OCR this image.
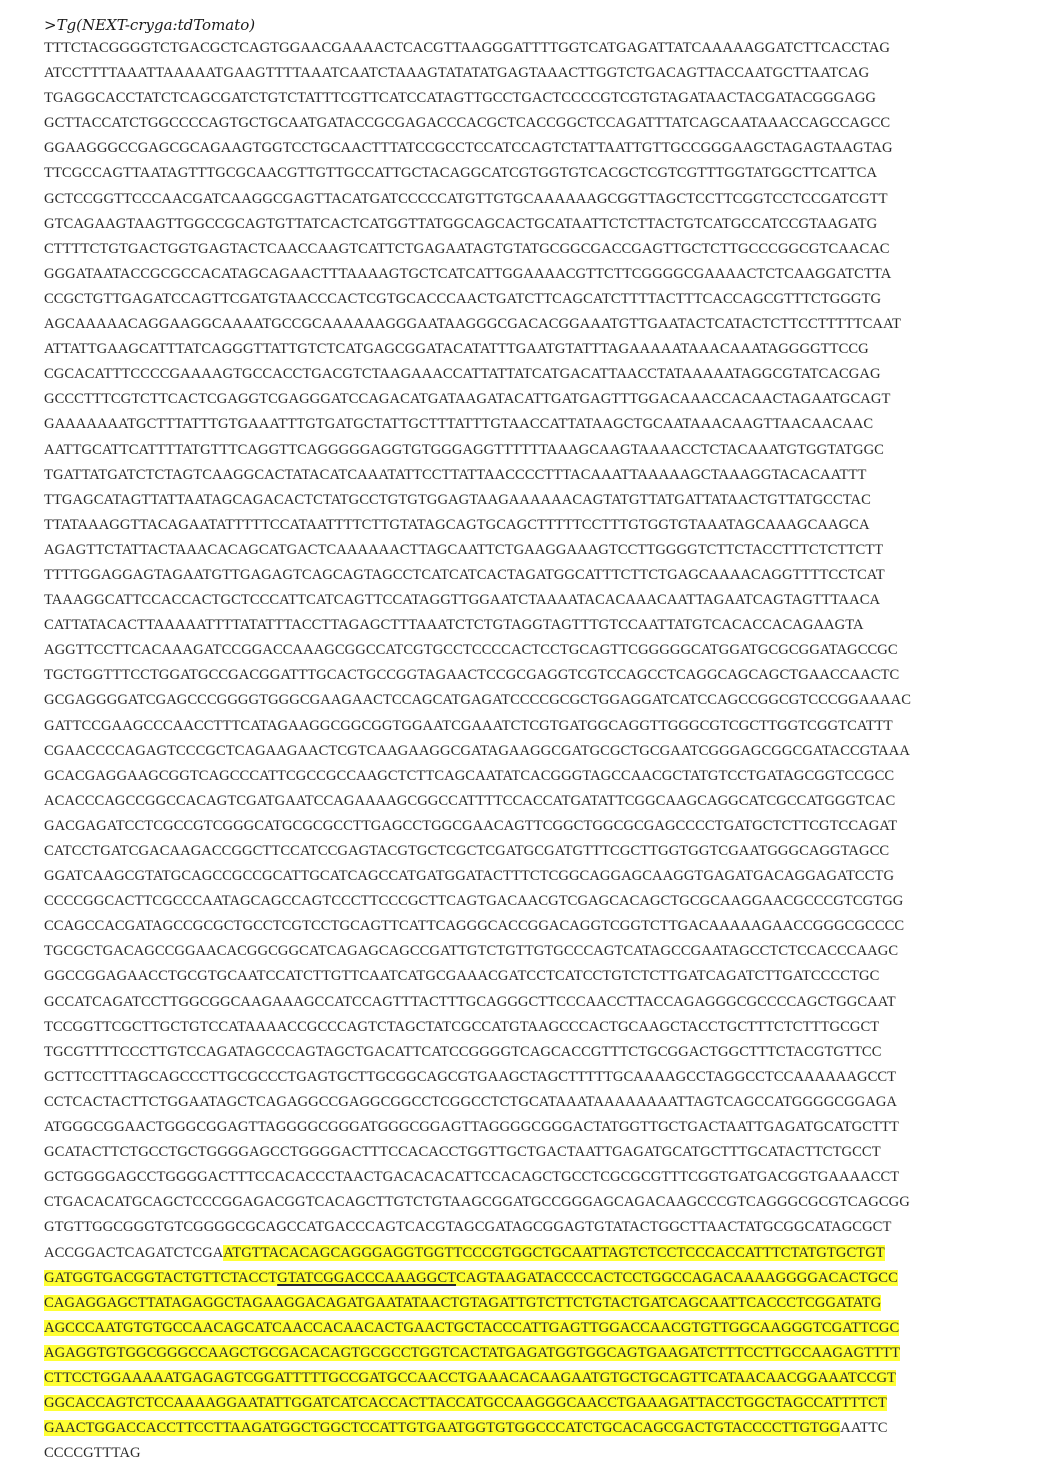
>Tg(NEXT-cryga:tdTomato)
TTTCTACGGGGTCTGACGCTCAGTGGAACGAAAACTCACGTTAAGGGATTTTGGTCATGAGATTATCAAAAAGGATCTTCACCTAG
ATCCTTTTAAATTAAAAATGAAGTTTTAAATCAATCTAAAGTATATATGAGTAAACTTGGTCTGACAGTTACCAATGCTTAATCAG
TGAGGCACCTATCTCAGCGATCTGTCTATTTCGTTCATCCATAGTTGCCTGACTCCCCGTCGTGTAGATAACTACGATACGGGAGG
GCTTACCATCTGGCCCCAGTGCTGCAATGATACCGCGAGACCCACGCTCACCGGCTCCAGATTTATCAGCAATAAACCAGCCAGCC
GGAAGGGCCGAGCGCAGAAGTGGTCCTGCAACTTTATCCGCCTCCATCCAGTCTATTAATTGTTGCCGGGAAGCTAGAGTAAGTAG
TTCGCCAGTTAATAGTTTGCGCAACGTTGTTGCCATTGCTACAGGCATCGTGGTGTCACGCTCGTCGTTTGGTATGGCTTCATTCA
GCTCCGGTTCCCAACGATCAAGGCGAGTTACATGATCCCCCATGTTGTGCAAAAAAGCGGTTAGCTCCTTCGGTCCTCCGATCGTT
GTCAGAAGTAAGTTGGCCGCAGTGTTATCACTCATGGTTATGGCAGCACTGCATAATTCTCTTACTGTCATGCCATCCGTAAGATG
CTTTTCTGTGACTGGTGAGTACTCAACCAAGTCATTCTGAGAATAGTGTATGCGGCGACCGAGTTGCTCTTGCCCGGCGTCAACAC
GGGATAATACCGCGCCACATAGCAGAACTTTAAAAGTGCTCATCATTGGAAAACGTTCTTCGGGGCGAAAACTCTCAAGGATCTTA
CCGCTGTTGAGATCCAGTTCGATGTAACCCACTCGTGCACCCAACTGATCTTCAGCATCTTTTACTTTCACCAGCGTTTCTGGGTG
AGCAAAAACAGGAAGGCAAAATGCCGCAAAAAAGGGAATAAGGGCGACACGGAAATGTTGAATACTCATACTCTTCCTTTTTCAAT
ATTATTGAAGCATTTATCAGGGTTATTGTCTCATGAGCGGATACATATTTGAATGTATTTAGAAAAATAAACAAATAGGGGTTCCG
CGCACATTTCCCCGAAAAGTGCCACCTGACGTCTAAGAAACCATTATTATCATGACATTAACCTATAAAAATAGGCGTATCACGAG
GCCCTTTCGTCTTCACTCGAGGTCGAGGGATCCAGACATGATAAGATACATTGATGAGTTTGGACAAACCACAACTAGAATGCAGT
GAAAAAAATGCTTTATTTGTGAAATTTGTGATGCTATTGCTTTATTTGTAACCATTATAAGCTGCAATAAACAAGTTAACAACAAC
AATTGCATTCATTTTATGTTTCAGGTTCAGGGGGAGGTGTGGGAGGTTTTTTAAAGCAAGTAAAACCTCTACAAATGTGGTATGGC
TGATTATGATCTCTAGTCAAGGCACTATACATCAAATATTCCTTATTAACCCCTTTACAAATTAAAAAGCTAAAGGTACACAATTT
TTGAGCATAGTTATTAATAGCAGACACTCTATGCCTGTGTGGAGTAAGAAAAAACAGTATGTTATGATTATAACTGTTATGCCTAC
TTATAAAGGTTACAGAATATTTTTCCATAATTTTCTTGTATAGCAGTGCAGCTTTTTCCTTTGTGGTGTAAATAGCAAAGCAAGCA
AGAGTTCTATTACTAAACACAGCATGACTCAAAAAACTTAGCAATTCTGAAGGAAAGTCCTTGGGGTCTTCTACCTTTCTCTTCTT
TTTTGGAGGAGTAGAATGTTGAGAGTCAGCAGTAGCCTCATCATCACTAGATGGCATTTCTTCTGAGCAAAACAGGTTTTCCTCAT
TAAAGGCATTCCACCACTGCTCCCATTCATCAGTTCCATAGGTTGGAATCTAAAATACACAAACAATTAGAATCAGTAGTTTAACA
CATTATACACTTAAAAATTTTATATTTACCTTAGAGCTTTAAATCTCTGTAGGTAGTTTGTCCAATTATGTCACACCACAGAAGTA
AGGTTCCTTCACAAAGATCCGGACCAAAGCGGCCATCGTGCCTCCCCACTCCTGCAGTTCGGGGGCATGGATGCGCGGATAGCCGC
TGCTGGTTTCCTGGATGCCGACGGATTTGCACTGCCGGTAGAACTCCGCGAGGTCGTCCAGCCTCAGGCAGCAGCTGAACCAACTC
GCGAGGGGATCGAGCCCGGGGTGGGCGAAGAACTCCAGCATGAGATCCCCGCGCTGGAGGATCATCCAGCCGGCGTCCCGGAAAAC
GATTCCGAAGCCCAACCTTTCATAGAAGGCGGCGGTGGAATCGAAATCTCGTGATGGCAGGTTGGGCGTCGCTTGGTCGGTCATTT
CGAACCCCAGAGTCCCGCTCAGAAGAACTCGTCAAGAAGGCGATAGAAGGCGATGCGCTGCGAATCGGGAGCGGCGATACCGTAAA
GCACGAGGAAGCGGTCAGCCCATTCGCCGCCAAGCTCTTCAGCAATATCACGGGTAGCCAACGCTATGTCCTGATAGCGGTCCGCC
ACACCCAGCCGGCCACAGTCGATGAATCCAGAAAAGCGGCCATTTTCCACCATGATATTCGGCAAGCAGGCATCGCCATGGGTCAC
GACGAGATCCTCGCCGTCGGGCATGCGCGCCTTGAGCCTGGCGAACAGTTCGGCTGGCGCGAGCCCCTGATGCTCTTCGTCCAGAT
CATCCTGATCGACAAGACCGGCTTCCATCCGAGTACGTGCTCGCTCGATGCGATGTTTCGCTTGGTGGTCGAATGGGCAGGTAGCC
GGATCAAGCGTATGCAGCCGCCGCATTGCATCAGCCATGATGGATACTTTCTCGGCAGGAGCAAGGTGAGATGACAGGAGATCCTG
CCCCGGCACTTCGCCCAATAGCAGCCAGTCCCTTCCCGCTTCAGTGACAACGTCGAGCACAGCTGCGCAAGGAACGCCCGTCGTGG
CCAGCCACGATAGCCGCGCTGCCTCGTCCTGCAGTTCATTCAGGGCACCGGACAGGTCGGTCTTGACAAAAAGAACCGGGCGCCCC
TGCGCTGACAGCCGGAACACGGCGGCATCAGAGCAGCCGATTGTCTGTTGTGCCCAGTCATAGCCGAATAGCCTCTCCACCCAAGC
GGCCGGAGAACCTGCGTGCAATCCATCTTGTTCAATCATGCGAAACGATCCTCATCCTGTCTCTTGATCAGATCTTGATCCCCTGC
GCCATCAGATCCTTGGCGGCAAGAAAGCCATCCAGTTTACTTTGCAGGGCTTCCCAACCTTACCAGAGGGCGCCCCAGCTGGCAAT
TCCGGTTCGCTTGCTGTCCATAAAACCGCCCAGTCTAGCTATCGCCATGTAAGCCCACTGCAAGCTACCTGCTTTCTCTTTGCGCT
TGCGTTTTCCCTTGTCCAGATAGCCCAGTAGCTGACATTCATCCGGGGTCAGCACCGTTTCTGCGGACTGGCTTTCTACGTGTTCC
GCTTCCTTTAGCAGCCCTTGCGCCCTGAGTGCTTGCGGCAGCGTGAAGCTAGCTTTTTGCAAAAGCCTAGGCCTCCAAAAAAGCCT
CCTCACTACTTCTGGAATAGCTCAGAGGCCGAGGCGGCCTCGGCCTCTGCATAAATAAAAAAAATTAGTCAGCCATGGGGCGGAGA
ATGGGCGGAACTGGGCGGAGTTAGGGGCGGGATGGGCGGAGTTAGGGGCGGGACTATGGTTGCTGACTAATTGAGATGCATGCTTT
GCATACTTCTGCCTGCTGGGGAGCCTGGGGACTTTCCACACCTGGTTGCTGACTAATTGAGATGCATGCTTTGCATACTTCTGCCT
GCTGGGGAGCCTGGGGACTTTCCACACCCTAACTGACACACATTCCACAGCTGCCTCGCGCGTTTCGGTGATGACGGTGAAAACCT
CTGACACATGCAGCTCCCGGAGACGGTCACAGCTTGTCTGTAAGCGGATGCCGGGAGCAGACAAGCCCGTCAGGGCGCGTCAGCGG
GTGTTGGCGGGTGTCGGGGCGCAGCCATGACCCAGTCACGTAGCGATAGCGGAGTGTATACTGGCTTAACTATGCGGCATAGCGCT
ACCGGACTCAGATCTCGAATGTTACACAGCAGGGAGGTGGTTCCCGTGGCTGCAATTAGTCTCCTCCCACCATTTCTATGTGCTGT
GATGGTGACGGTACTGTTCTACCTGTATCGGACCCAAAGGCTCAGTAAGATACCCCACTCCTGGCCAGACAAAAGGGGACACTGCC
CAGAGGAGCTTATAGAGGCTAGAAGGACAGATGAATATAACTGTAGATTGTCTTCTGTACTGATCAGCAATTCACCCTCGGATATG
AGCCCAATGTGTGCCAACAGCATCAACCACAACACTGAACTGCTACCCATTGAGTTGGACCAACGTGTTGGCAAGGGTCGATTCGC
AGAGGTGTGGCGGGCCAAGCTGCGACACAGTGCGCCTGGTCACTATGAGATGGTGGCAGTGAAGATCTTTCCTTGCCAAGAGTTTT
CTTCCTGGAAAAATGAGAGTCGGATTTTTGCCGATGCCAACCTGAAACACAAGAATGTGCTGCAGTTCATAACAACGGAAATCCGT
GGCACCAGTCTCCAAAAGGAATATTGGATCATCACCACTTACCATGCCAAGGGCAACCTGAAAGATTACCTGGCTAGCCATTTTCT
GAACTGGACCACCTTCCTTAAGATGGCTGGCTCCATTGTGAATGGTGTGGCCCATCTGCACAGCGACTGTACCCCTTGTGGAATTC
CCCCGTTTAG
